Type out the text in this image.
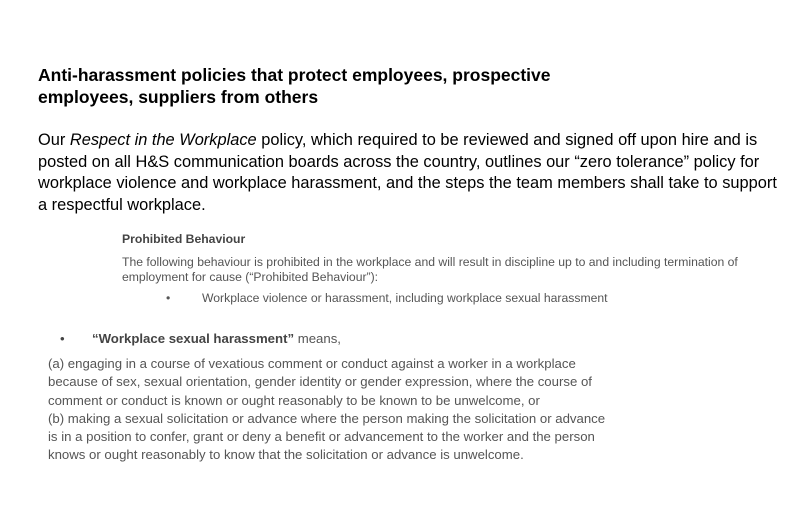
Anti-harassment policies that protect employees, prospective
employees, suppliers from others

Our Respect in the Workplace policy, which required to be reviewed and signed off upon hire and is posted on all H&S communication boards across the country, outlines our “zero tolerance” policy for workplace violence and workplace harassment, and the steps the team members shall take to support a respectful workplace.

Prohibited Behaviour

The following behaviour is prohibited in the workplace and will result in discipline up to and including termination of employment for cause (“Prohibited Behaviour”):

•	Workplace violence or harassment, including workplace sexual harassment
• “Workplace sexual harassment” means,
(a) engaging in a course of vexatious comment or conduct against a worker in a workplace
because of sex, sexual orientation, gender identity or gender expression, where the course of
comment or conduct is known or ought reasonably to be known to be unwelcome, or
(b) making a sexual solicitation or advance where the person making the solicitation or advance
is in a position to confer, grant or deny a benefit or advancement to the worker and the person
knows or ought reasonably to know that the solicitation or advance is unwelcome.
